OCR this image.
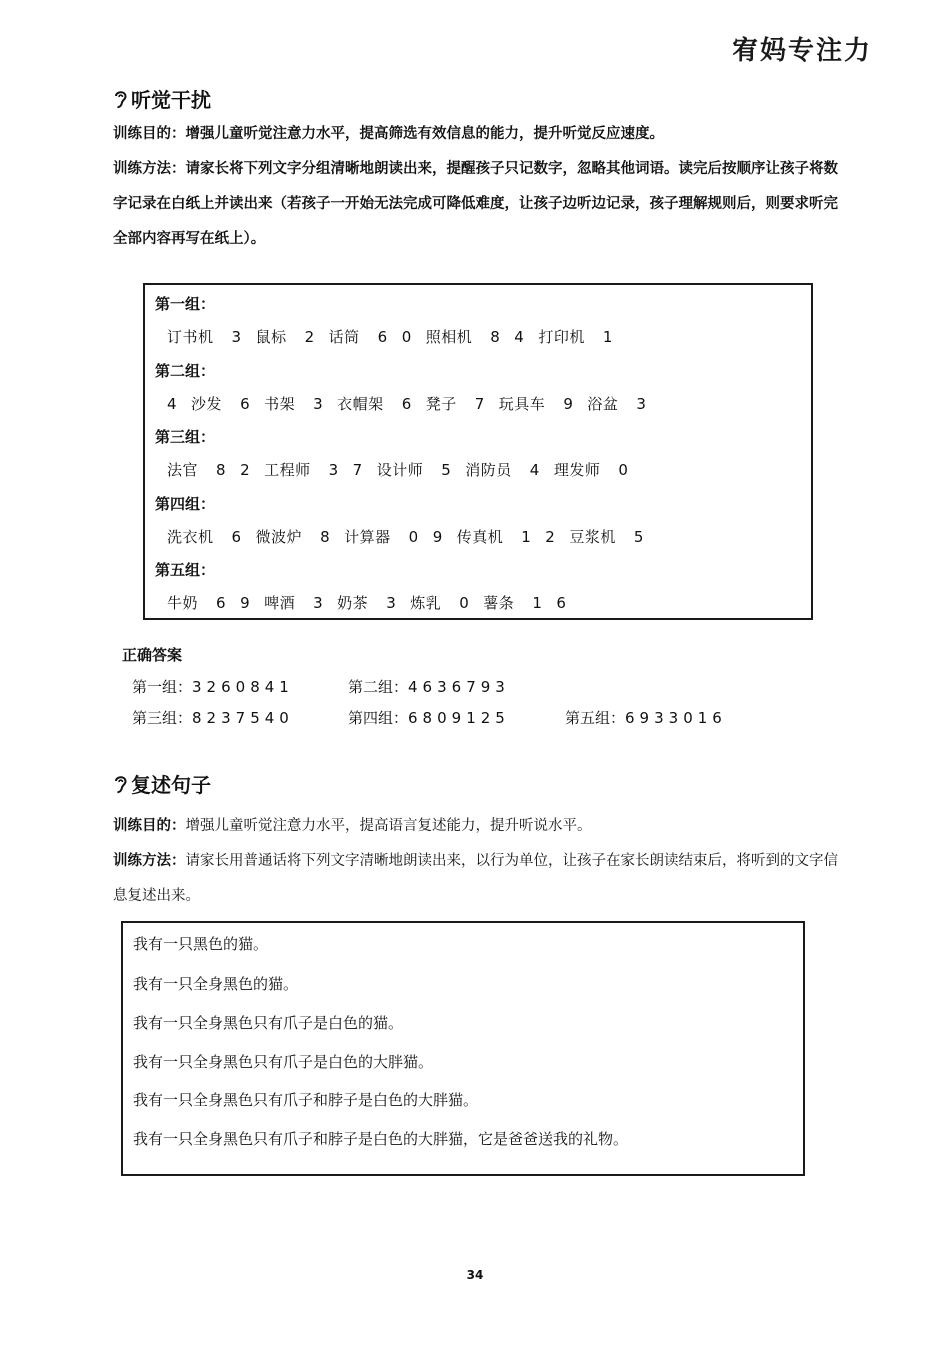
宥妈专注力
听觉干扰

训练目的：增强儿童听觉注意力水平，提高筛选有效信息的能力，提升听觉反应速度。

训练方法：请家长将下列文字分组清晰地朗读出来，提醒孩子只记数字，忽略其他词语。读完后按顺序让孩子将数字记录在白纸上并读出来（若孩子一开始无法完成可降低难度，让孩子边听边记录，孩子理解规则后，则要求听完全部内容再写在纸上）。

第一组：
订书机 3 鼠标 2 话筒 6 0 照相机 8 4 打印机 1
第二组：
4 沙发 6 书架 3 衣帽架 6 凳子 7 玩具车 9 浴盆 3
第三组：
法官 8 2 工程师 3 7 设计师 5 消防员 4 理发师 0
第四组：
洗衣机 6 微波炉 8 计算器 0 9 传真机 1 2 豆浆机 5
第五组：
牛奶 6 9 啤酒 3 奶茶 3 炼乳 0 薯条 1 6
正确答案
第一组：3260841	第二组：4636793
第三组：8237540	第四组：6809125	第五组：6933016
复述句子

训练目的：增强儿童听觉注意力水平，提高语言复述能力，提升听说水平。

训练方法：请家长用普通话将下列文字清晰地朗读出来，以行为单位，让孩子在家长朗读结束后，将听到的文字信息复述出来。

我有一只黑色的猫。
我有一只全身黑色的猫。
我有一只全身黑色只有爪子是白色的猫。
我有一只全身黑色只有爪子是白色的大胖猫。
我有一只全身黑色只有爪子和脖子是白色的大胖猫。
我有一只全身黑色只有爪子和脖子是白色的大胖猫，它是爸爸送我的礼物。
34
